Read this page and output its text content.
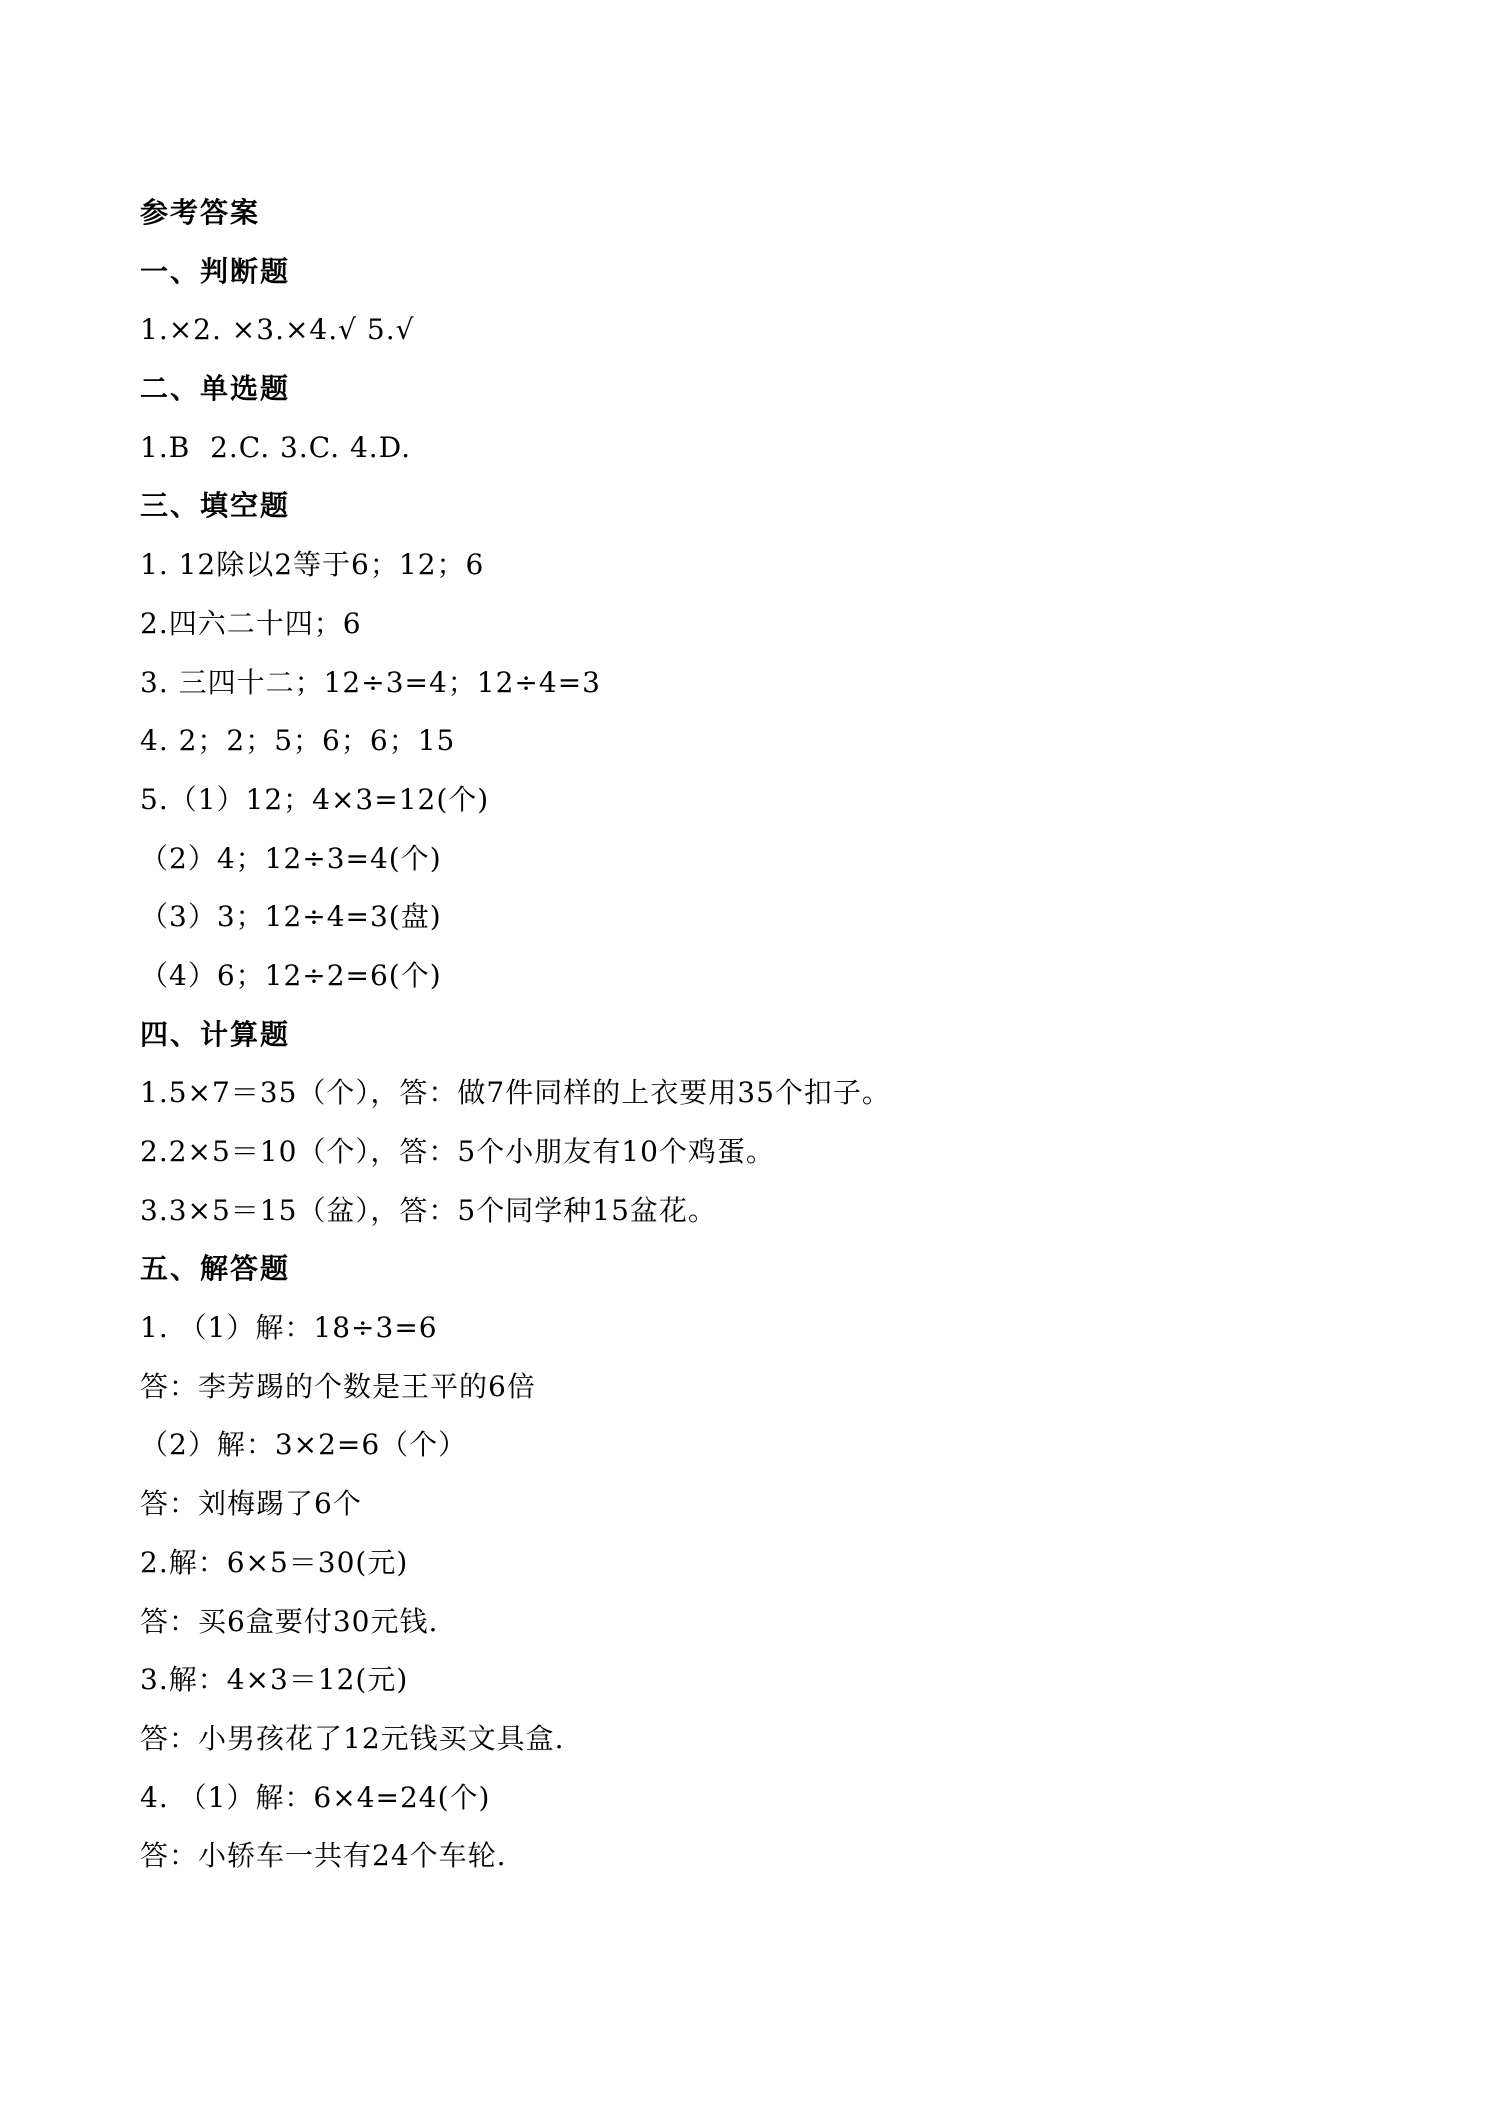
参考答案
一、判断题
1.×2. ×3.×4.√ 5.√
二、单选题
1.B  2.C. 3.C. 4.D.
三、填空题
1. 12除以2等于6；12；6
2.四六二十四；6
3. 三四十二；12÷3=4；12÷4=3
4. 2；2；5；6；6；15
5.（1）12；4×3=12(个)
（2）4；12÷3=4(个)
（3）3；12÷4=3(盘)
（4）6；12÷2=6(个)
四、计算题
1.5×7＝35（个），答：做7件同样的上衣要用35个扣子。
2.2×5＝10（个），答：5个小朋友有10个鸡蛋。
3.3×5＝15（盆），答：5个同学种15盆花。
五、解答题
1. （1）解：18÷3=6
答：李芳踢的个数是王平的6倍
（2）解：3×2=6（个）
答：刘梅踢了6个
2.解：6×5＝30(元)
答：买6盒要付30元钱.
3.解：4×3＝12(元)
答：小男孩花了12元钱买文具盒.
4. （1）解：6×4=24(个)
答：小轿车一共有24个车轮.
